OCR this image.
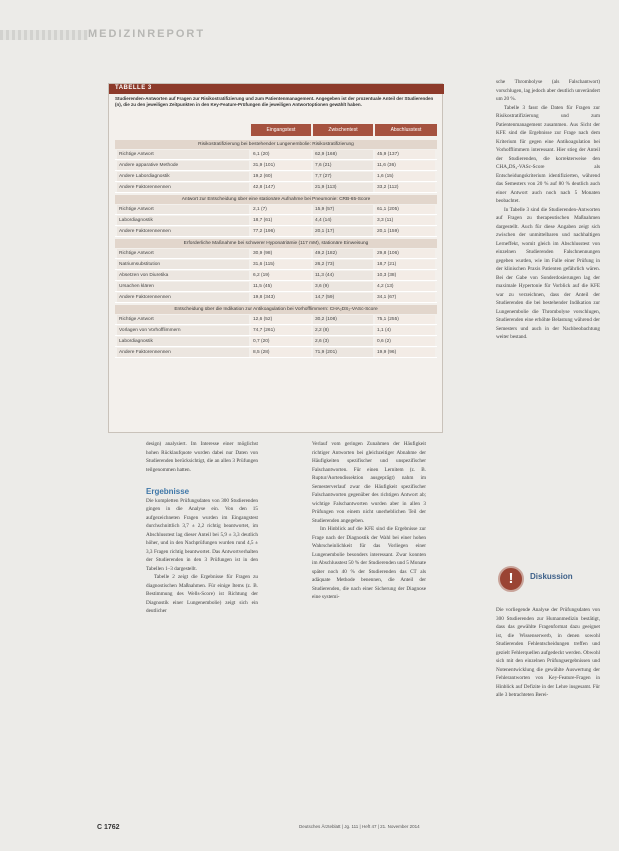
MEDIZINREPORT
TABELLE 3
Studierenden-Antworten auf Fragen zur Risikostratifizierung und zum Patientenmanagement. Angegeben ist der prozentuale Anteil der Studierenden (n), die zu den jeweiligen Zeitpunkten in den Key-Feature-Prüfungen die jeweiligen Antwortoptionen gewählt haben.
Eingangstest	Zwischentest	Abschlusstest
Risikostratifizierung bei bestehender Lungenembolie: Risikostratifizierung
Richtige Antwort	6,1 (20)	62,9 (168)	45,9 (137)
Andere apparative Methode	31,9 (101)	7,6 (21)	11,6 (36)
Andere Labordiagnostik	19,2 (60)	7,7 (27)	1,6 (15)
Andere Faktorennennen	42,8 (147)	21,9 (113)	33,2 (112)
Antwort zur Entscheidung über eine stationäre Aufnahme bei Pneumonie: CRB-65-Score
Richtige Antwort	2,1 (7)	15,9 (57)	61,1 (205)
Labordiagnostik	18,7 (61)	4,4 (14)	3,3 (11)
Andere Faktorennennen	77,2 (196)	20,1 (17)	20,1 (159)
Erforderliche Maßnahme bei schwerer Hyponatriämie (117 mM), stationäre Einweisung
Richtige Antwort	30,9 (98)	49,2 (182)	29,8 (106)
Natriumsubstitution	31,6 (115)	26,2 (73)	18,7 (21)
Absetzen von Diuretika	6,2 (19)	11,3 (44)	10,3 (38)
Ursachen klären	11,5 (45)	3,6 (9)	4,2 (13)
Andere Faktorennennen	19,8 (343)	14,7 (59)	34,1 (67)
Entscheidung über die Indikation zur Antikoagulation bei Vorhofflimmern: CHA₂DS₂-VASc-Score
Richtige Antwort	12,6 (52)	30,2 (108)	75,1 (255)
Vorlagen von Vorhofflimmern	74,7 (261)	2,2 (8)	1,1 (4)
Labordiagnostik	0,7 (20)	2,6 (3)	0,6 (2)
Andere Faktorennennen	8,5 (28)	71,9 (201)	19,9 (96)

design) analysiert. Im Interesse einer möglichst hohen Rücklaufquote wurden dabei nur Daten von Studierenden berücksichtigt, die an allen 3 Prüfungen teilgenommen hatten.

Ergebnisse

Die kompletten Prüfungsdaten von 300 Studierenden gingen in die Analyse ein. Von den 15 aufgezeichneten Fragen wurden im Eingangstest durchschnittlich 3,7 ± 2,2 richtig beantwortet, im Abschlusstest lag dieser Anteil bei 5,9 ± 3,3 deutlich höher, und in den Nachprüfungen wurden rund 4,5 ± 3,3 Fragen richtig beantwortet. Das Antwortverhalten der Studierenden in den 3 Prüfungen ist in den Tabellen 1–3 dargestellt.

Tabelle 2 zeigt die Ergebnisse für Fragen zu diagnostischen Maßnahmen. Für einige Items (z. B. Bestimmung des Wells-Score) ist Richtung der Diagnostik einer Lungenembolie) zeigt sich ein deutlicher

Verlauf vom geringen Zunahmen der Häufigkeit richtiger Antworten bei gleichzeitiger Abnahme der Häufigkeiten spezifischer und unspezifischer Falschantworten. Für einen Lernitem (z. B. Ruptur/Aortendissektion ausgeprägt) nahm im Semesterverlauf zwar die Häufigkeit spezifischer Falschantworten gegenüber des richtigen Antwort ab; wichtige Falschantworten wurden aber in allen 3 Prüfungen von einem nicht unerheblichen Teil der Studierenden angegeben.

Im Hinblick auf die KFE sind die Ergebnisse zur Frage nach der Diagnostik der Wahl bei einer hohen Wahrscheinlichkeit für das Vorliegen einer Lungenembolie besonders interessant. Zwar konnten im Abschlusstest 50 % der Studierenden und 5 Monate später noch 40 % der Studierenden das CT als adäquate Methode benennen, die Anteil der Studierenden, die nach einer Sicherung der Diagnose eine systemi-

sche Thrombolyse (als Falschantwort) vorschlugen, lag jedoch aber deutlich unverändert um 20 %.

Tabelle 3 fasst die Daten für Fragen zur Risikostratifizierung und zum Patientenmanagement zusammen. Aus Sicht der KFE sind die Ergebnisse zur Frage nach dem Kriterium für gegen eine Antikoagulation bei Vorhofflimmern interessant. Hier stieg der Anteil der Studierenden, die korrekterweise den CHA₂DS₂-VASc-Score als Entscheidungskriterium identifizierten, während das Semesters von 20 % auf 80 % deutlich auch einer Antwort auch noch nach 5 Monaten beobachtet.

In Tabelle 3 sind die Studierenden-Antworten auf Fragen zu therapeutischen Maßnahmen dargestellt. Auch für diese Angaben zeigt sich zwischen der unmittelbaren und nachhaltigen Lerneffekt, womit gleich im Abschlusstest von einzelnen Studierenden Falschnennungen gegeben wurden, wie im Falle einer Prüfung in der klinischen Praxis Patienten gefährlich wären. Bei der Gabe von Sonderdosierungen lag der maximale Hypertonie für Vorblick auf die KFE war zu verzeichnen, dass der Anteil der Studierenden die bei bestehender Indikation zur Lungenembolie die Thrombolyse vorschlugen, Studierenden eine erhöhte Belastung während der Semesters und auch in der Nachbeobachtung weiter bestand.

!	Diskussion

Die vorliegende Analyse der Prüfungsdaten von 300 Studierenden zur Humanmedizin bestätigt, dass das gewählte Fragenformat dazu geeignet ist, die Wissenserwerb, in denen sowohl Studierenden Fehlentscheidungen treffen und gezielt Fehlerquellen aufgedeckt werden. Obwohl sich mit den einzelnen Prüfungsergebnissen und Notenentwicklung die gewählte Auswertung der Fehlerantworten von Key-Feature-Fragen in Hinblick auf Defizite in der Lehre insgesamt. Für alle 3 betrachteten Berei-

C 1762	Deutsches Ärzteblatt | Jg. 111 | Heft 47 | 21. November 2014
